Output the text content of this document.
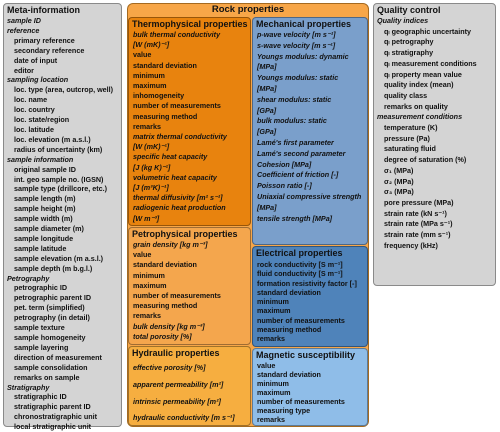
Meta-information	Rock properties	Quality control
Thermophysical properties
Petrophysical properties
Hydraulic properties
Mechanical properties
Electrical properties
Magnetic susceptibility
sample ID
reference
primary reference
secondary reference
date of input
editor
sampling location
loc. type (area, outcrop, well)
loc. name
loc. country
loc. state/region
loc. latitude
loc. elevation (m a.s.l.)
radius of uncertainty (km)
sample information
original sample ID
int. geo sample no. (IGSN)
sample type (drillcore, etc.)
sample length (m)
sample height (m)
sample width (m)
sample diameter (m)
sample longitude
sample latitude
sample elevation (m a.s.l.)
sample depth (m b.g.l.)
Petrography
petrographic ID
petrographic parent ID
pet. term (simplified)
petrography (in detail)
sample texture
sample homogeneity
sample layering
direction of measurement
sample consolidation
remarks on sample
Stratigraphy
stratigraphic ID
stratigraphic parent ID
chronostratigraphic unit
local stratigraphic unit
Quality indices
qₗ geographic uncertainty
qₗ petrography
qₗ stratigraphy
qₗ measurement conditions
qₗ property mean value
quality index (mean)
quality class
remarks on quality
measurement conditions
temperature (K)
pressure (Pa)
saturating fluid
degree of saturation (%)
σ₁ (MPa)
σ₂ (MPa)
σ₃ (MPa)
pore pressure (MPa)
strain rate (kN s⁻¹)
strain rate (MPa s⁻¹)
strain rate (mm s⁻¹)
frequency (kHz)
bulk thermal conductivity
[W (mK)⁻¹]
value
standard deviation
minimum
maximum
inhomogeneity
number of measurements
measuring method
remarks
matrix thermal conductivity
[W (mK)⁻¹]
specific heat capacity
[J (kg K)⁻¹]
volumetric heat capacity
[J (m³K)⁻¹]
thermal diffusivity [m² s⁻¹]
radiogenic heat production
[W m⁻³]
grain density [kg m⁻³]
value
standard deviation
minimum
maximum
number of measurements
measuring method
remarks
bulk density [kg m⁻³]
total porosity [%]
effective porosity [%]
apparent permeability [m²]
intrinsic permeability [m²]
hydraulic conductivity [m s⁻¹]
p-wave velocity [m s⁻¹]
s-wave velocity [m s⁻¹]
Youngs modulus: dynamic
[MPa]
Youngs modulus: static
[MPa]
shear modulus: static
[GPa]
bulk modulus: static
[GPa]
Lamé's first parameter
Lamé's second parameter
Cohesion [MPa]
Coefficient of friction [-]
Poisson ratio [-]
Uniaxial compressive strength
[MPa]
tensile strength [MPa]
rock conductivity [S m⁻¹]
fluid conductivity [S m⁻¹]
formation resistivity factor [-]
standard deviation
minimum
maximum
number of measurements
measuring method
remarks
value
standard deviation
minimum
maximum
number of measurements
measuring type
remarks
